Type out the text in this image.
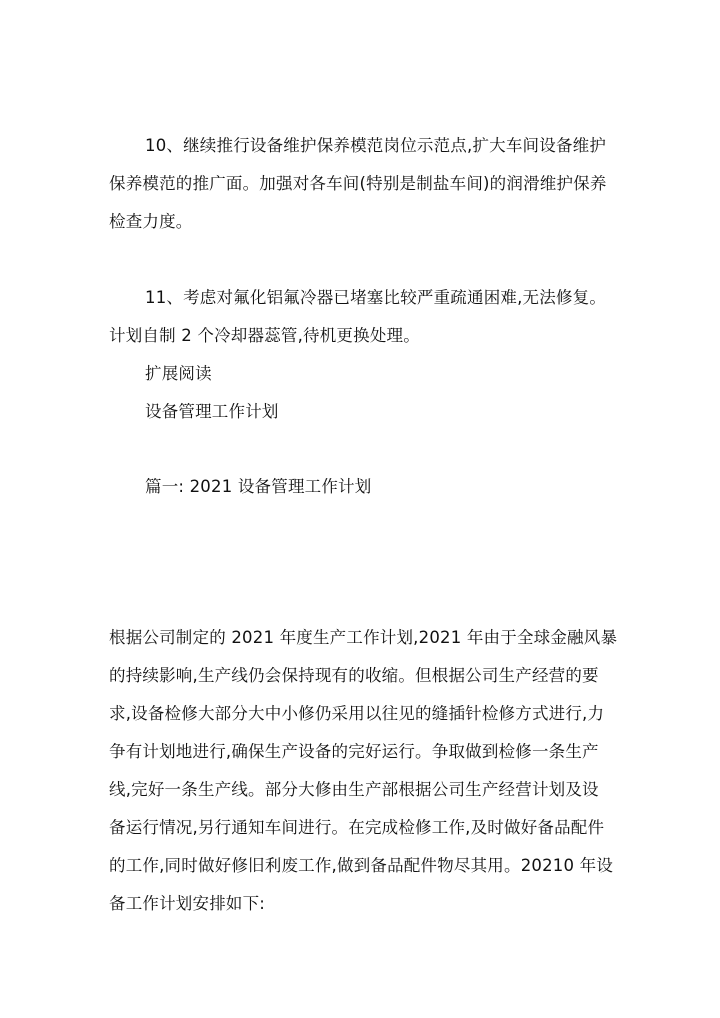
10、继续推行设备维护保养模范岗位示范点,扩大车间设备维护
保养模范的推广面。加强对各车间(特别是制盐车间)的润滑维护保养
检查力度。
11、考虑对氟化铝氟冷器已堵塞比较严重疏通困难,无法修复。
计划自制 2 个冷却器蕊管,待机更换处理。
扩展阅读
设备管理工作计划
篇一: 2021 设备管理工作计划
根据公司制定的 2021 年度生产工作计划,2021 年由于全球金融风暴
的持续影响,生产线仍会保持现有的收缩。但根据公司生产经营的要
求,设备检修大部分大中小修仍采用以往见的缝插针检修方式进行,力
争有计划地进行,确保生产设备的完好运行。争取做到检修一条生产
线,完好一条生产线。部分大修由生产部根据公司生产经营计划及设
备运行情况,另行通知车间进行。在完成检修工作,及时做好备品配件
的工作,同时做好修旧利废工作,做到备品配件物尽其用。20210 年设
备工作计划安排如下:
